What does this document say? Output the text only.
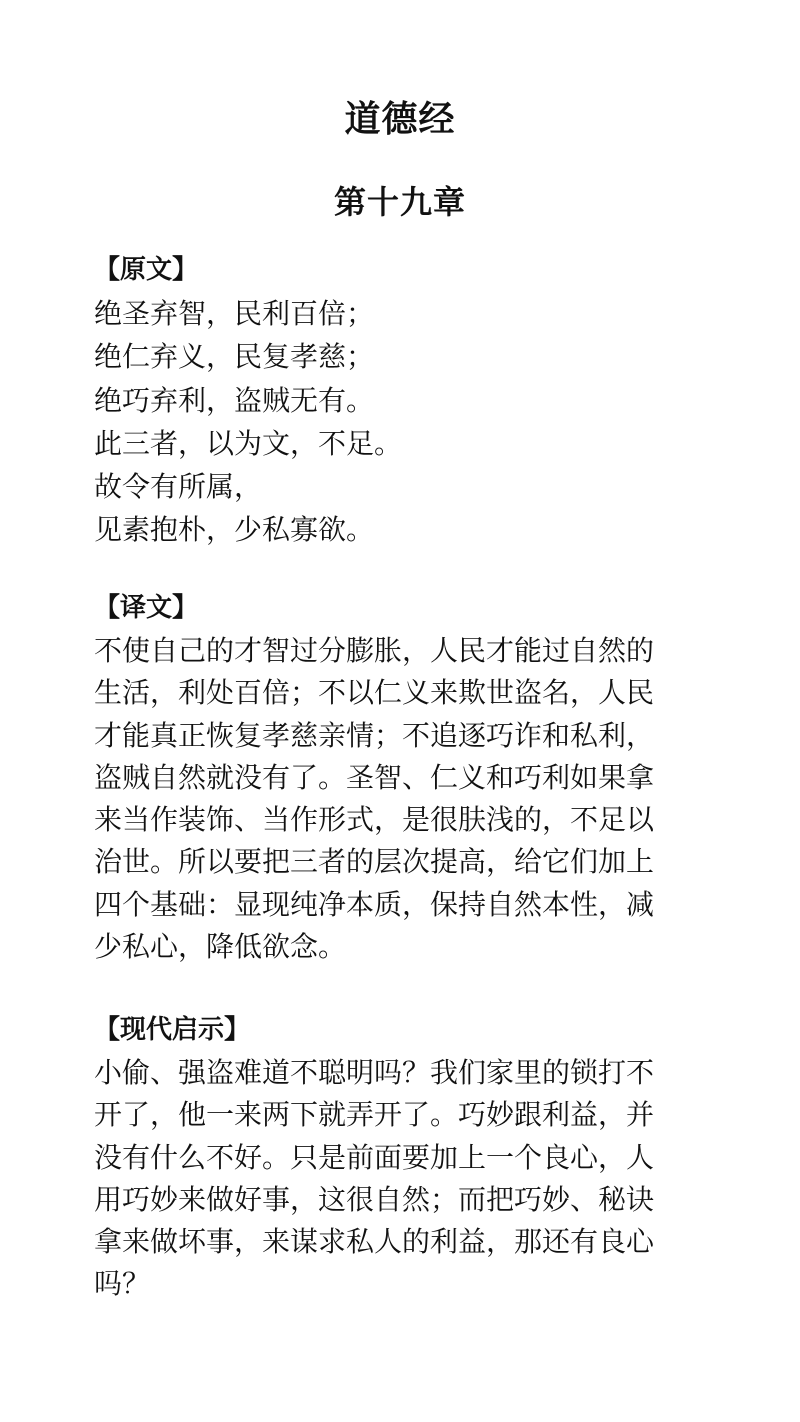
道德经
第十九章
【原文】
绝圣弃智，民利百倍；
绝仁弃义，民复孝慈；
绝巧弃利，盗贼无有。
此三者，以为文，不足。
故令有所属，
见素抱朴，少私寡欲。
【译文】
不使自己的才智过分膨胀，人民才能过自然的
生活，利处百倍；不以仁义来欺世盗名，人民
才能真正恢复孝慈亲情；不追逐巧诈和私利，
盗贼自然就没有了。圣智、仁义和巧利如果拿
来当作装饰、当作形式，是很肤浅的，不足以
治世。所以要把三者的层次提高，给它们加上
四个基础：显现纯净本质，保持自然本性，减
少私心，降低欲念。
【现代启示】
小偷、强盗难道不聪明吗？我们家里的锁打不
开了，他一来两下就弄开了。巧妙跟利益，并
没有什么不好。只是前面要加上一个良心，人
用巧妙来做好事，这很自然；而把巧妙、秘诀
拿来做坏事，来谋求私人的利益，那还有良心
吗？
